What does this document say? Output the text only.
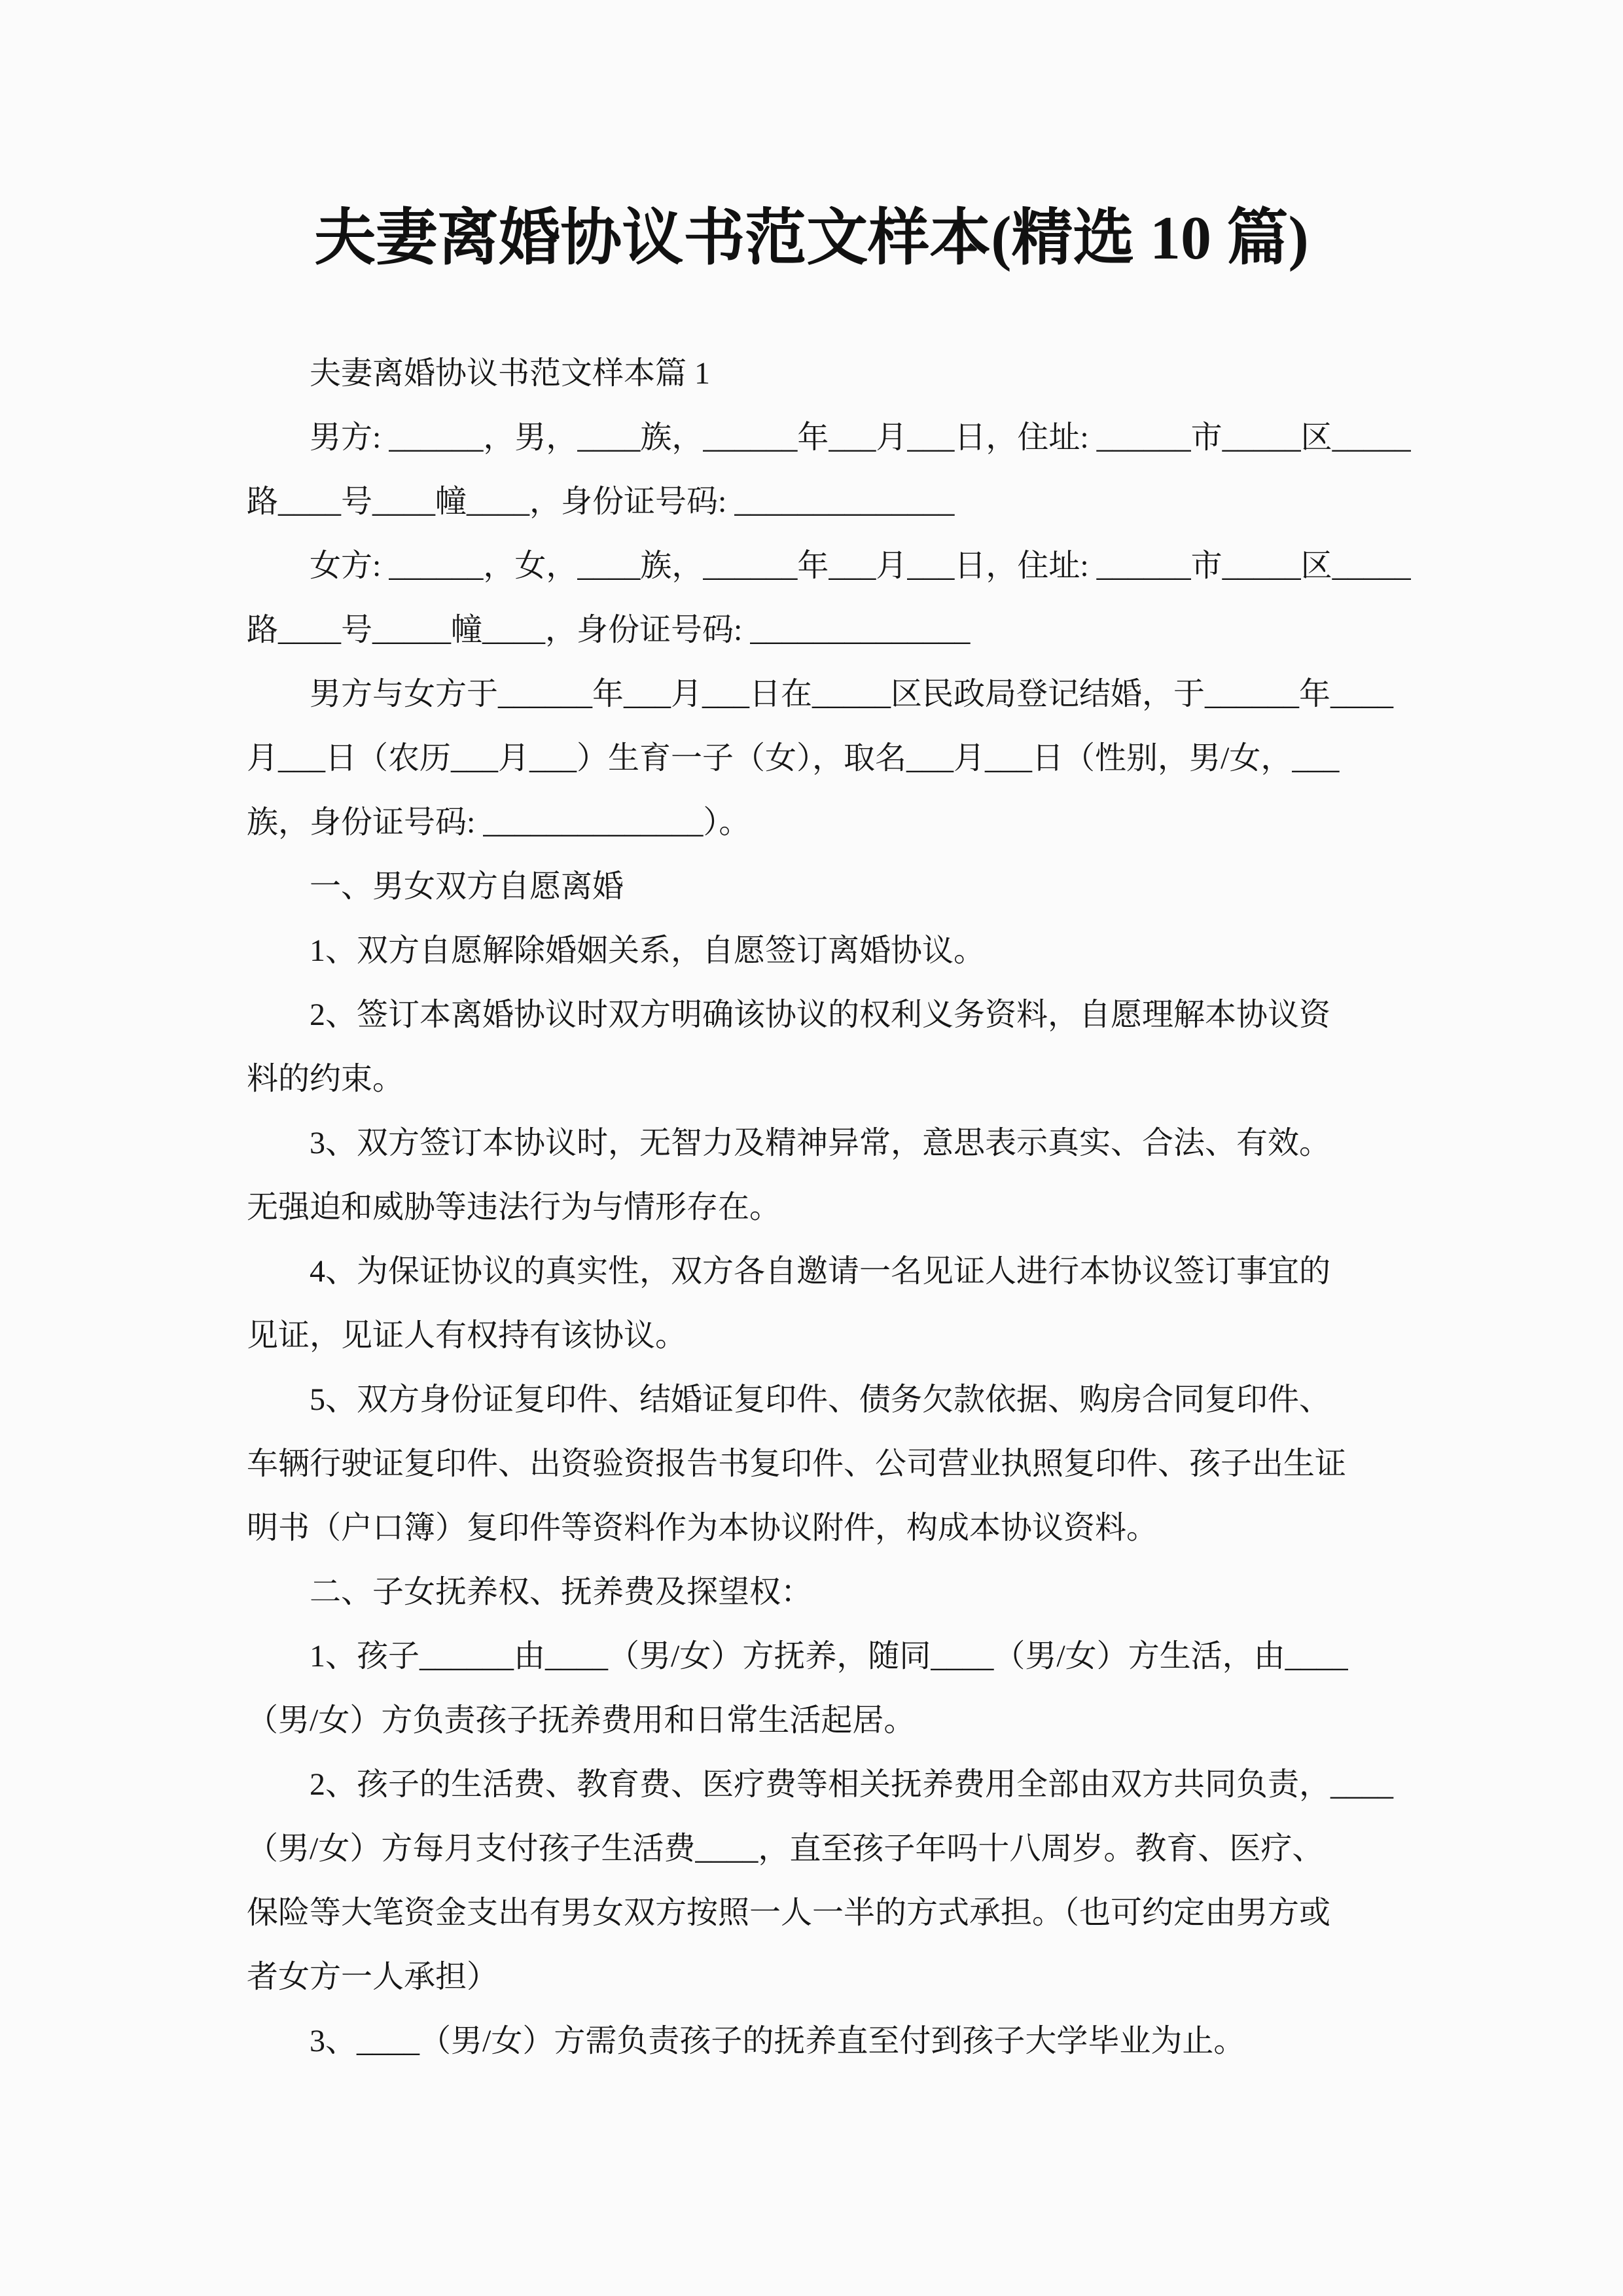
夫妻离婚协议书范文样本(精选 10 篇)
夫妻离婚协议书范文样本篇 1
男方: ______，男，____族，______年___月___日，住址: ______市_____区_____
路____号____幢____，身份证号码: ______________
女方: ______，女，____族，______年___月___日，住址: ______市_____区_____
路____号_____幢____，身份证号码: ______________
男方与女方于______年___月___日在_____区民政局登记结婚，于______年____
月___日（农历___月___）生育一子（女），取名___月___日（性别，男/女，___
族，身份证号码: ______________）。
一、男女双方自愿离婚
1、双方自愿解除婚姻关系，自愿签订离婚协议。
2、签订本离婚协议时双方明确该协议的权利义务资料，自愿理解本协议资
料的约束。
3、双方签订本协议时，无智力及精神异常，意思表示真实、合法、有效。
无强迫和威胁等违法行为与情形存在。
4、为保证协议的真实性，双方各自邀请一名见证人进行本协议签订事宜的
见证，见证人有权持有该协议。
5、双方身份证复印件、结婚证复印件、债务欠款依据、购房合同复印件、
车辆行驶证复印件、出资验资报告书复印件、公司营业执照复印件、孩子出生证
明书（户口簿）复印件等资料作为本协议附件，构成本协议资料。
二、子女抚养权、抚养费及探望权：
1、孩子______由____（男/女）方抚养，随同____（男/女）方生活，由____
（男/女）方负责孩子抚养费用和日常生活起居。
2、孩子的生活费、教育费、医疗费等相关抚养费用全部由双方共同负责，____
（男/女）方每月支付孩子生活费____，直至孩子年吗十八周岁。教育、医疗、
保险等大笔资金支出有男女双方按照一人一半的方式承担。（也可约定由男方或
者女方一人承担）
3、____（男/女）方需负责孩子的抚养直至付到孩子大学毕业为止。
